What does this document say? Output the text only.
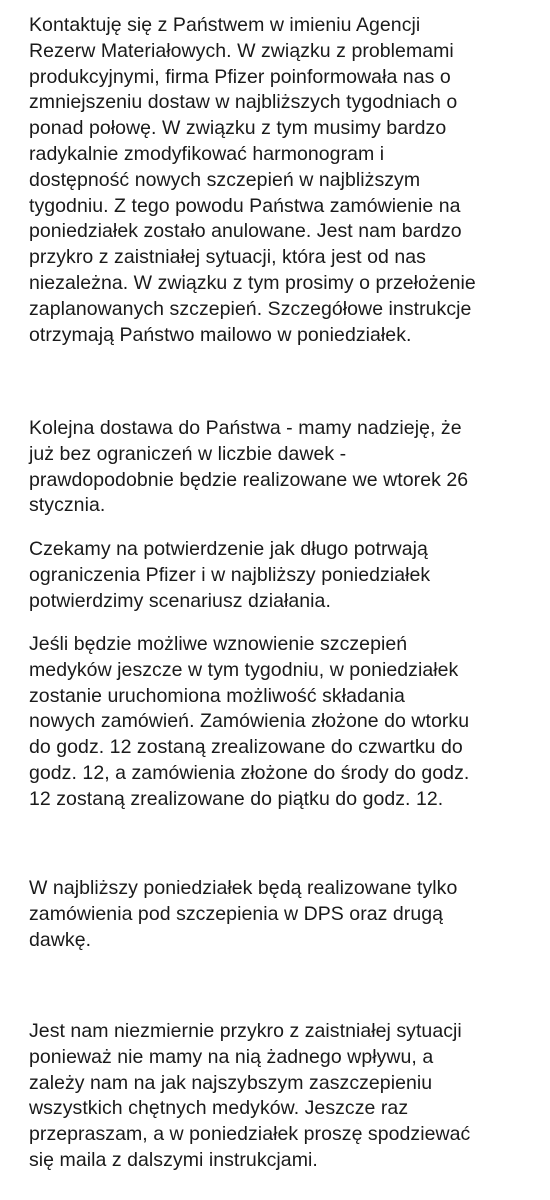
Kontaktuję się z Państwem w imieniu Agencji
Rezerw Materiałowych. W związku z problemami
produkcyjnymi, firma Pfizer poinformowała nas o
zmniejszeniu dostaw w najbliższych tygodniach o
ponad połowę. W związku z tym musimy bardzo
radykalnie zmodyfikować harmonogram i
dostępność nowych szczepień w najbliższym
tygodniu. Z tego powodu Państwa zamówienie na
poniedziałek zostało anulowane. Jest nam bardzo
przykro z zaistniałej sytuacji, która jest od nas
niezależna. W związku z tym prosimy o przełożenie
zaplanowanych szczepień. Szczegółowe instrukcje
otrzymają Państwo mailowo w poniedziałek.

Kolejna dostawa do Państwa - mamy nadzieję, że
już bez ograniczeń w liczbie dawek -
prawdopodobnie będzie realizowane we wtorek 26
stycznia.

Czekamy na potwierdzenie jak długo potrwają
ograniczenia Pfizer i w najbliższy poniedziałek
potwierdzimy scenariusz działania.

Jeśli będzie możliwe wznowienie szczepień
medyków jeszcze w tym tygodniu, w poniedziałek
zostanie uruchomiona możliwość składania
nowych zamówień. Zamówienia złożone do wtorku
do godz. 12 zostaną zrealizowane do czwartku do
godz. 12, a zamówienia złożone do środy do godz.
12 zostaną zrealizowane do piątku do godz. 12.

W najbliższy poniedziałek będą realizowane tylko
zamówienia pod szczepienia w DPS oraz drugą
dawkę.

Jest nam niezmiernie przykro z zaistniałej sytuacji
ponieważ nie mamy na nią żadnego wpływu, a
zależy nam na jak najszybszym zaszczepieniu
wszystkich chętnych medyków. Jeszcze raz
przepraszam, a w poniedziałek proszę spodziewać
się maila z dalszymi instrukcjami.
